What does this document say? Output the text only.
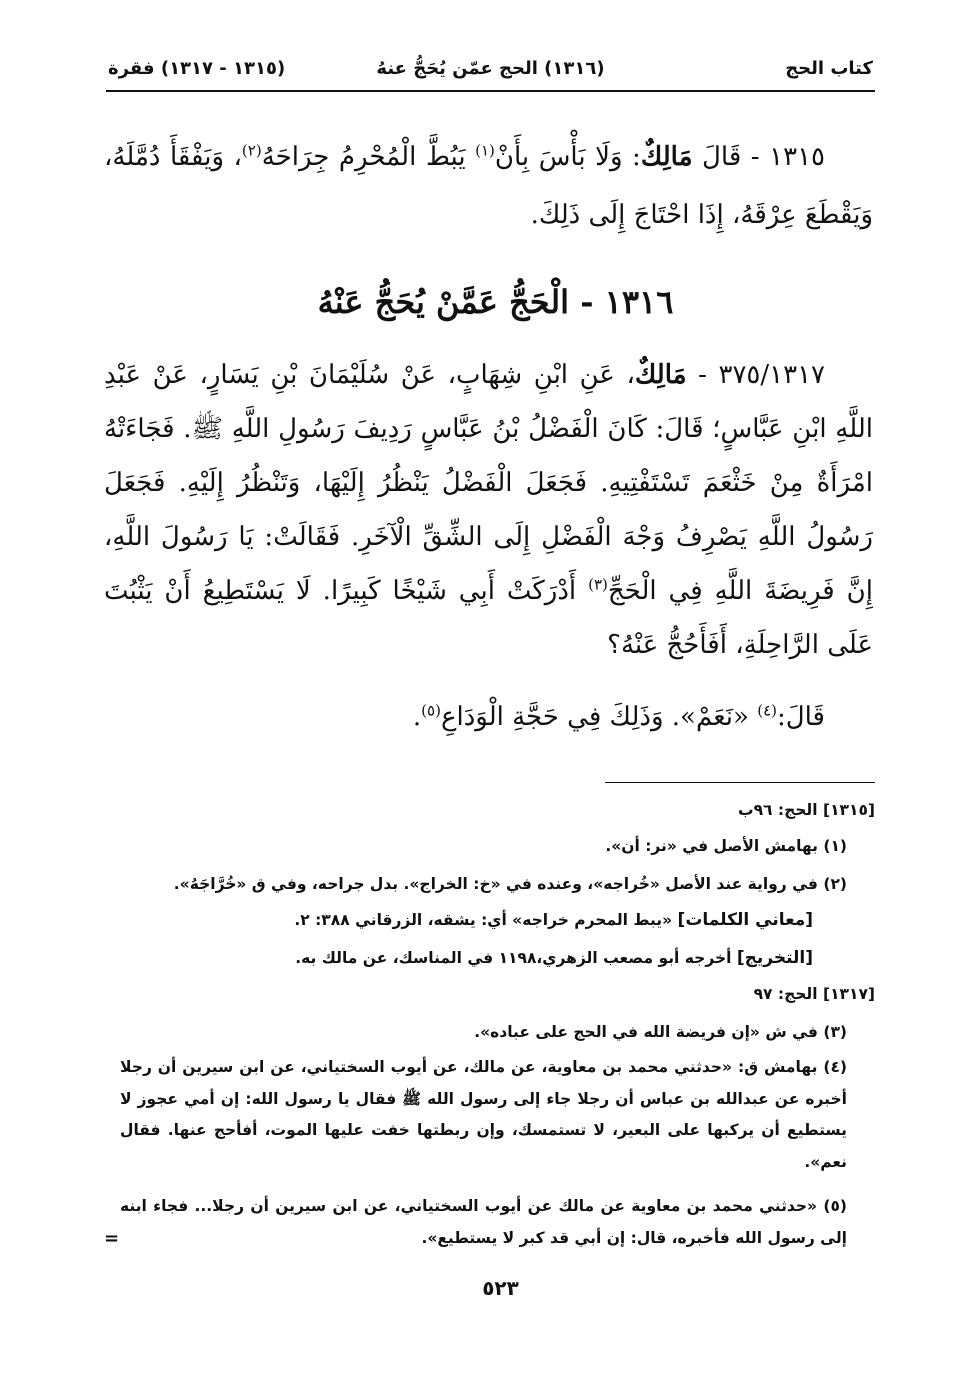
كتاب الحج
(١٣١٦) الحج عمّن يُحَجُّ عنهُ
(١٣١٥ - ١٣١٧) فقرة

١٣١٥ - قَالَ مَالِكٌ: وَلَا بَأْسَ بِأَنْ$^{(١)}$ يَبُطَّ الْمُحْرِمُ جِرَاحَهُ$^{(٢)}$، وَيَفْقَأَ دُمَّلَهُ، وَيَقْطَعَ عِرْقَهُ، إِذَا احْتَاجَ إِلَى ذَلِكَ.

١٣١٦ - الْحَجُّ عَمَّنْ يُحَجُّ عَنْهُ

٣٧٥/١٣١٧ - مَالِكٌ، عَنِ ابْنِ شِهَابٍ، عَنْ سُلَيْمَانَ بْنِ يَسَارٍ، عَنْ عَبْدِ اللَّهِ ابْنِ عَبَّاسٍ؛ قَالَ: كَانَ الْفَضْلُ بْنُ عَبَّاسٍ رَدِيفَ رَسُولِ اللَّهِ ﷺ. فَجَاءَتْهُ امْرَأَةٌ مِنْ خَثْعَمَ تَسْتَفْتِيهِ. فَجَعَلَ الْفَضْلُ يَنْظُرُ إِلَيْهَا، وَتَنْظُرُ إِلَيْهِ. فَجَعَلَ رَسُولُ اللَّهِ يَصْرِفُ وَجْهَ الْفَضْلِ إِلَى الشِّقِّ الْآخَرِ. فَقَالَتْ: يَا رَسُولَ اللَّهِ، إِنَّ فَرِيضَةَ اللَّهِ فِي الْحَجِّ$^{(٣)}$ أَدْرَكَتْ أَبِي شَيْخًا كَبِيرًا. لَا يَسْتَطِيعُ أَنْ يَثْبُتَ عَلَى الرَّاحِلَةِ، أَفَأَحُجُّ عَنْهُ؟

قَالَ:$^{(٤)}$ «نَعَمْ». وَذَلِكَ فِي حَجَّةِ الْوَدَاعِ$^{(٥)}$.

[١٣١٥] الحج: ٩٦ب
(١) بهامش الأصل في «نر: أن».
(٢) في رواية عند الأصل «خُراجه»، وعنده في «خ: الخراج». بدل جراحه، وفي ق «خُرَّاجَهُ».
[معاني الكلمات] «يبط المحرم خراجه» أي: يشقه، الزرقاني ٣٨٨: ٢.
[التخريج] أخرجه أبو مصعب الزهري،١١٩٨ في المناسك، عن مالك به.
[١٣١٧] الحج: ٩٧
(٣) في ش «إن فريضة الله في الحج على عباده».
(٤) بهامش ق: «حدثني محمد بن معاوية، عن مالك، عن أيوب السختياني، عن ابن سيرين أن رجلا أخبره عن عبدالله بن عباس أن رجلا جاء إلى رسول الله ﷺ فقال يا رسول الله: إن أمي عجوز لا يستطيع أن يركبها على البعير، لا تستمسك، وإن ربطتها خفت عليها الموت، أفأحج عنها. فقال نعم».
(٥) «حدثني محمد بن معاوية عن مالك عن أيوب السختياني، عن ابن سيرين أن رجلا... فجاء ابنه إلى رسول الله فأخبره، قال: إن أبي قد كبر لا يستطيع».
=
٥٢٣
